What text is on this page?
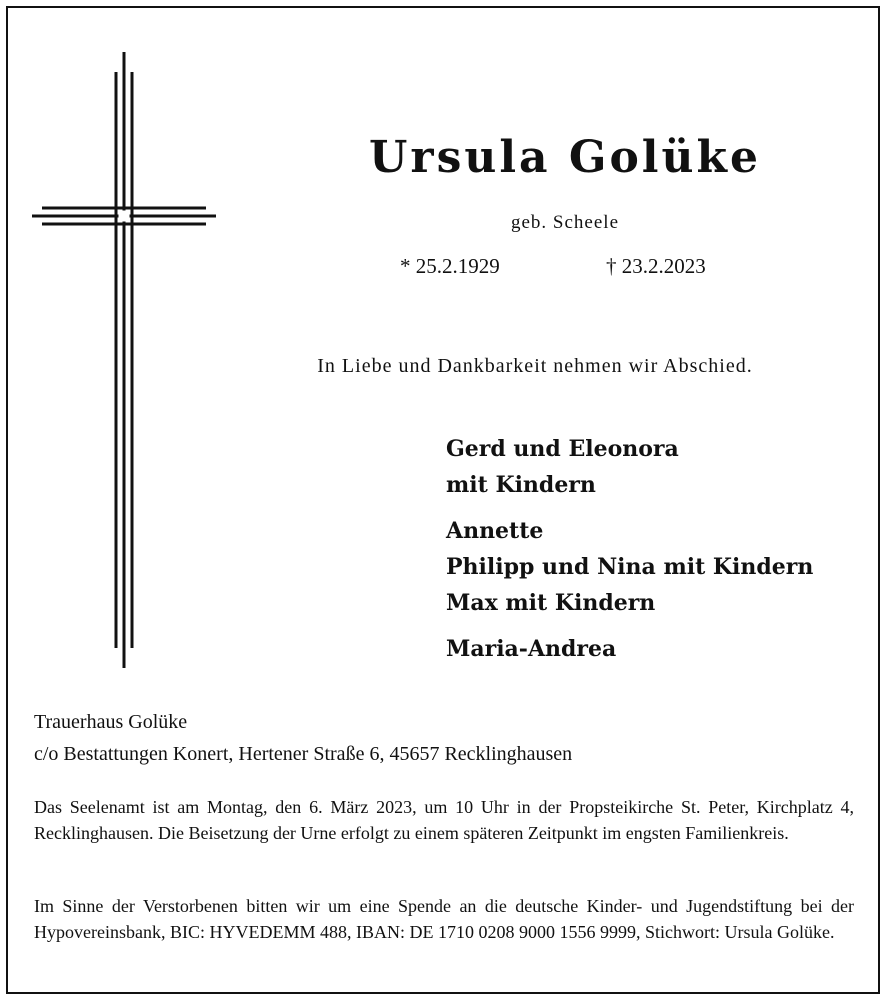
Ursula Golüke
geb. Scheele
* 25.2.1929	† 23.2.2023
In Liebe und Dankbarkeit nehmen wir Abschied.
Gerd und Eleonora
mit Kindern
Annette
Philipp und Nina mit Kindern
Max mit Kindern
Maria-Andrea
Trauerhaus Golüke
c/o Bestattungen Konert, Hertener Straße 6, 45657 Recklinghausen
Das Seelenamt ist am Montag, den 6. März 2023, um 10 Uhr in der Propsteikirche St. Peter, Kirchplatz 4, Recklinghausen. Die Beisetzung der Urne erfolgt zu einem späteren Zeitpunkt im engsten Familienkreis.
Im Sinne der Verstorbenen bitten wir um eine Spende an die deutsche Kinder- und Jugendstiftung bei der Hypovereinsbank, BIC: HYVEDEMM 488, IBAN: DE 1710 0208 9000 1556 9999, Stichwort: Ursula Golüke.
